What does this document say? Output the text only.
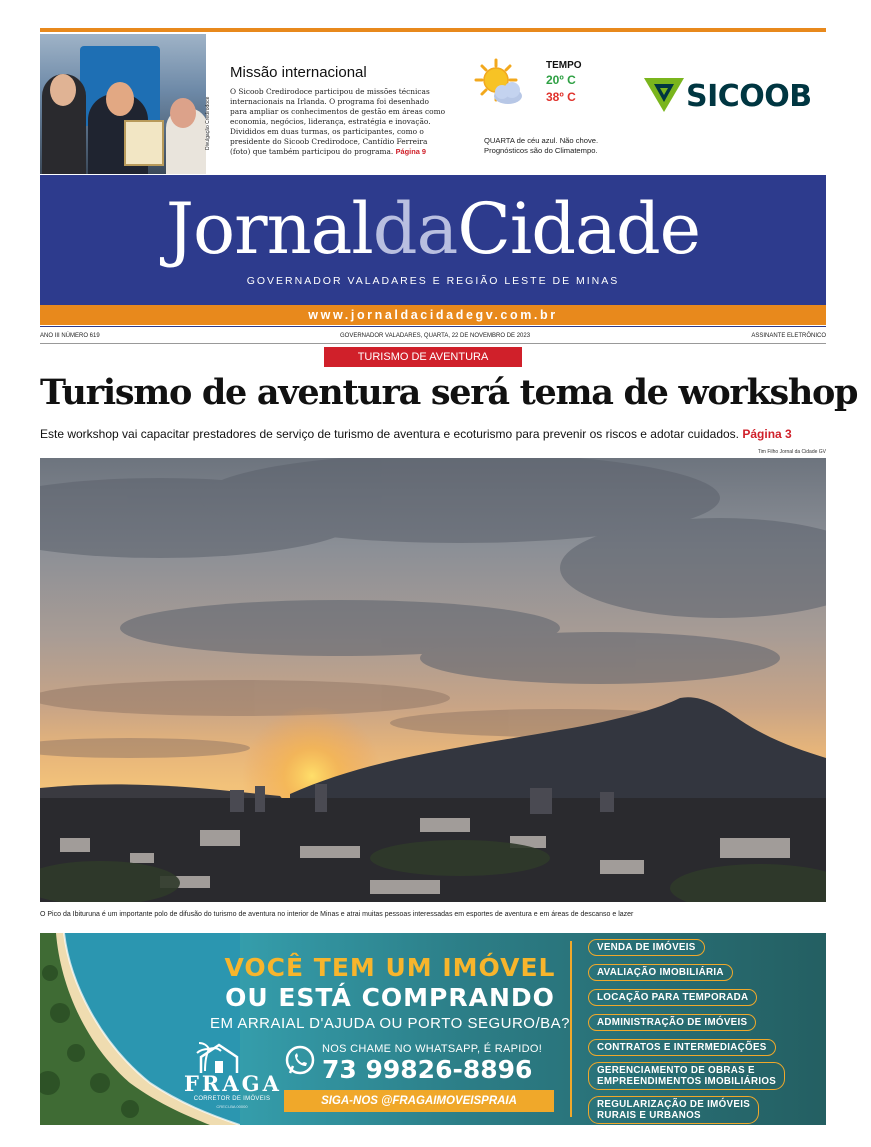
Divulgação Credirodoce
Missão internacional
O Sicoob Credirodoce participou de missões técnicas internacionais na Irlanda. O programa foi desenhado para ampliar os conhecimentos de gestão em áreas como economia, negócios, liderança, estratégia e inovação. Divididos em duas turmas, os participantes, como o presidente do Sicoob Credirodoce, Cantídio Ferreira (foto) que também participou do programa. Página 9
TEMPO
20º C
38º C
QUARTA de céu azul. Não chove. Prognósticos são do Climatempo.
SICOOB
JornaldaCidade
GOVERNADOR VALADARES E REGIÃO LESTE DE MINAS
www.jornaldacidadegv.com.br
ANO III NÚMERO 619	GOVERNADOR VALADARES, QUARTA, 22 DE NOVEMBRO DE 2023	ASSINANTE ELETRÔNICO
TURISMO DE AVENTURA
Turismo de aventura será tema de workshop
Este workshop vai capacitar prestadores de serviço de turismo de aventura e ecoturismo para prevenir os riscos e adotar cuidados. Página 3
Tim Filho Jornal da Cidade GV
O Pico da Ibituruna é um importante polo de difusão do turismo de aventura no interior de Minas e atrai muitas pessoas interessadas em esportes de aventura e em áreas de descanso e lazer
VOCÊ TEM UM IMÓVEL
OU ESTÁ COMPRANDO
EM ARRAIAL D'AJUDA OU PORTO SEGURO/BA?
FRAGA
CORRETOR DE IMÓVEIS
CRECI-BA 00000
NOS CHAME NO WHATSAPP, É RAPIDO!
73 99826-8896
SIGA-NOS @FRAGAIMOVEISPRAIA
VENDA DE IMÓVEIS
AVALIAÇÃO IMOBILIÁRIA
LOCAÇÃO PARA TEMPORADA
ADMINISTRAÇÃO DE IMÓVEIS
CONTRATOS E INTERMEDIAÇÕES
GERENCIAMENTO DE OBRAS E
EMPREENDIMENTOS IMOBILIÁRIOS
REGULARIZAÇÃO DE IMÓVEIS
RURAIS E URBANOS
